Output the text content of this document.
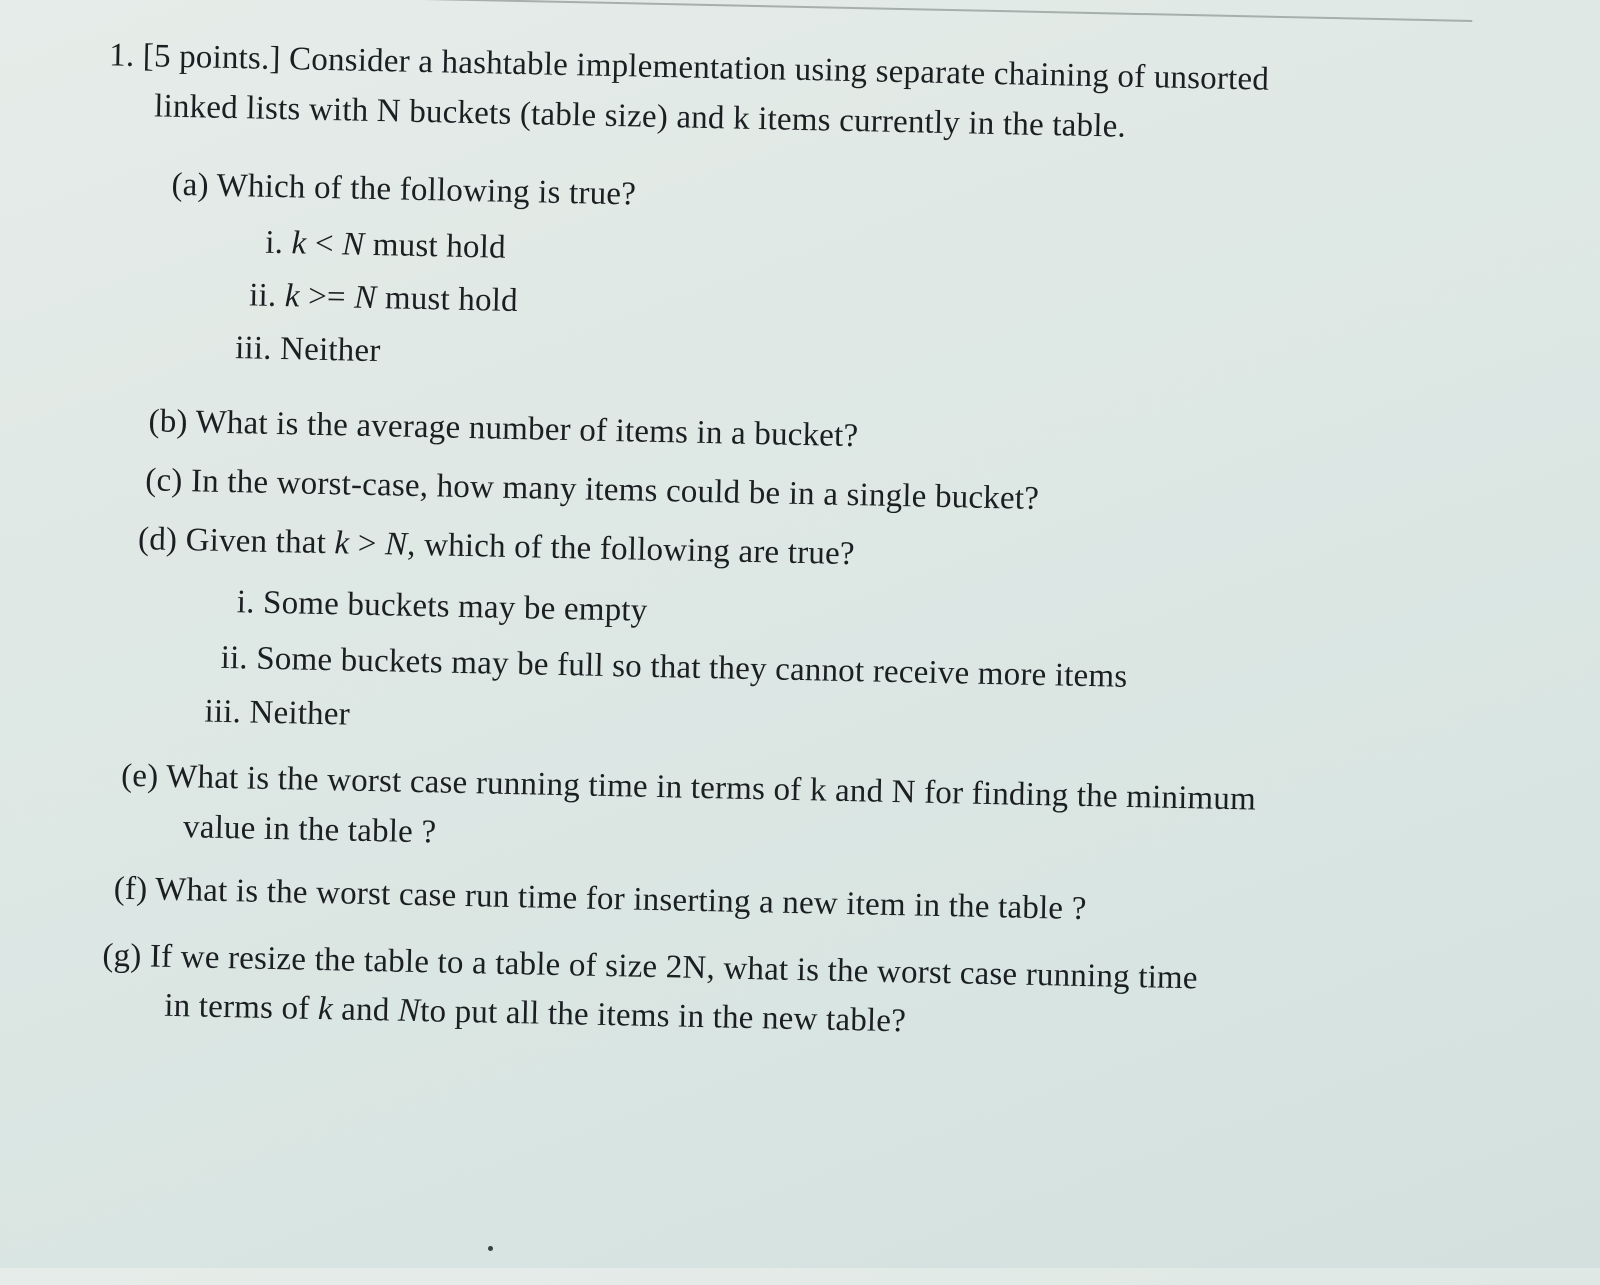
1. [5 points.] Consider a hashtable implementation using separate chaining of unsorted
linked lists with N buckets (table size) and k items currently in the table.
(a) Which of the following is true?
i. k < N must hold
ii. k >= N must hold
iii. Neither
(b) What is the average number of items in a bucket?
(c) In the worst-case, how many items could be in a single bucket?
(d) Given that k > N, which of the following are true?
i. Some buckets may be empty
ii. Some buckets may be full so that they cannot receive more items
iii. Neither
(e) What is the worst case running time in terms of k and N for finding the minimum
value in the table ?
(f) What is the worst case run time for inserting a new item in the table ?
(g) If we resize the table to a table of size 2N, what is the worst case running time
in terms of k and Nto put all the items in the new table?
